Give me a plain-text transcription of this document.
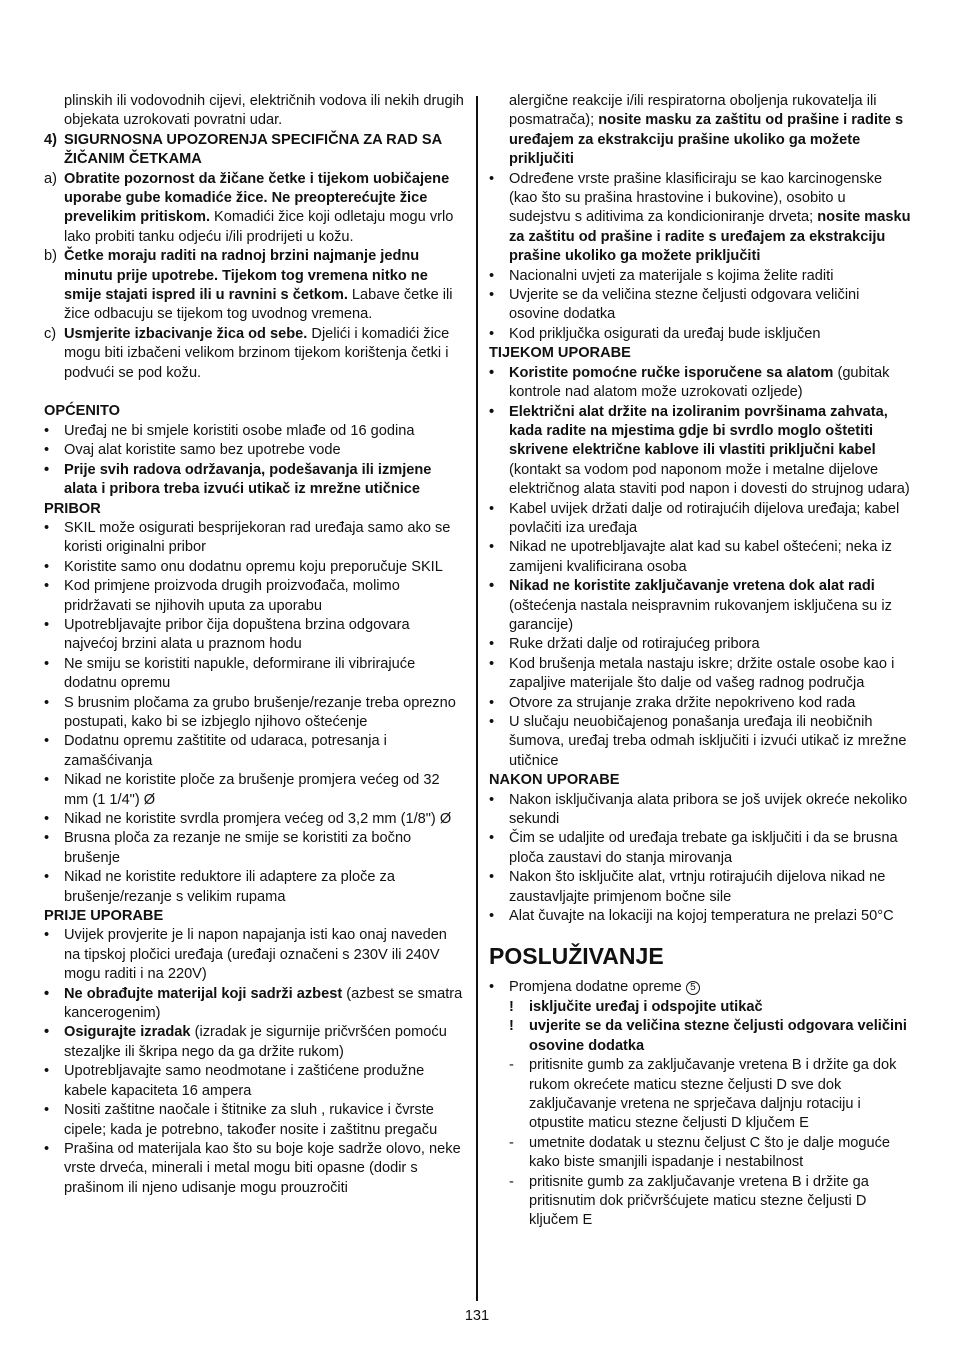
plinskih ili vodovodnih cijevi, električnih vodova ili nekih drugih objekata uzrokovati povratni udar.

4) SIGURNOSNA UPOZORENJA SPECIFIČNA ZA RAD SA ŽIČANIM ČETKAMA
a) Obratite pozornost da žičane četke i tijekom uobičajene uporabe gube komadiće žice. Ne preopterećujte žice prevelikim pritiskom. Komadići žice koji odletaju mogu vrlo lako probiti tanku odjeću i/ili prodrijeti u kožu.
b) Četke moraju raditi na radnoj brzini najmanje jednu minutu prije upotrebe. Tijekom tog vremena nitko ne smije stajati ispred ili u ravnini s četkom. Labave četke ili žice odbacuju se tijekom tog uvodnog vremena.
c) Usmjerite izbacivanje žica od sebe. Djelići i komadići žice mogu biti izbačeni velikom brzinom tijekom korištenja četki i podvući se pod kožu.
OPĆENITO
•	Uređaj ne bi smjele koristiti osobe mlađe od 16 godina
•	Ovaj alat koristite samo bez upotrebe vode
•	Prije svih radova održavanja, podešavanja ili izmjene alata i pribora treba izvući utikač iz mrežne utičnice
PRIBOR
•	SKIL može osigurati besprijekoran rad uređaja samo ako se koristi originalni pribor
•	Koristite samo onu dodatnu opremu koju preporučuje SKIL
•	Kod primjene proizvoda drugih proizvođača, molimo pridržavati se njihovih uputa za uporabu
•	Upotrebljavajte pribor čija dopuštena brzina odgovara najvećoj brzini alata u praznom hodu
•	Ne smiju se koristiti napukle, deformirane ili vibrirajuće dodatnu opremu
•	S brusnim pločama za grubo brušenje/rezanje treba oprezno postupati, kako bi se izbjeglo njihovo oštećenje
•	Dodatnu opremu zaštitite od udaraca, potresanja i zamašćivanja
•	Nikad ne koristite ploče za brušenje promjera većeg od 32 mm (1 1/4") Ø
•	Nikad ne koristite svrdla promjera većeg od 3,2 mm (1/8") Ø
•	Brusna ploča za rezanje ne smije se koristiti za bočno brušenje
•	Nikad ne koristite reduktore ili adaptere za ploče za brušenje/rezanje s velikim rupama
PRIJE UPORABE
•	Uvijek provjerite je li napon napajanja isti kao onaj naveden na tipskoj pločici uređaja (uređaji označeni s 230V ili 240V mogu raditi i na 220V)
•	Ne obrađujte materijal koji sadrži azbest (azbest se smatra kancerogenim)
•	Osigurajte izradak (izradak je sigurnije pričvršćen pomoću stezaljke ili škripa nego da ga držite rukom)
•	Upotrebljavajte samo neodmotane i zaštićene produžne kabele kapaciteta 16 ampera
•	Nositi zaštitne naočale i štitnike za sluh , rukavice i čvrste cipele; kada je potrebno, također nosite i zaštitnu pregaču
•	Prašina od materijala kao što su boje koje sadrže olovo, neke vrste drveća, minerali i metal mogu biti opasne (dodir s prašinom ili njeno udisanje mogu prouzročiti

alergične reakcije i/ili respiratorna oboljenja rukovatelja ili posmatrača); nosite masku za zaštitu od prašine i radite s uređajem za ekstrakciju prašine ukoliko ga možete priključiti

•	Određene vrste prašine klasificiraju se kao karcinogenske (kao što su prašina hrastovine i bukovine), osobito u sudejstvu s aditivima za kondicioniranje drveta; nosite masku za zaštitu od prašine i radite s uređajem za ekstrakciju prašine ukoliko ga možete priključiti
•	Nacionalni uvjeti za materijale s kojima želite raditi
•	Uvjerite se da veličina stezne čeljusti odgovara veličini osovine dodatka
•	Kod priključka osigurati da uređaj bude isključen
TIJEKOM UPORABE
•	Koristite pomoćne ručke isporučene sa alatom (gubitak kontrole nad alatom može uzrokovati ozljede)
•	Električni alat držite na izoliranim površinama zahvata, kada radite na mjestima gdje bi svrdlo moglo oštetiti skrivene električne kablove ili vlastiti priključni kabel (kontakt sa vodom pod naponom može i metalne dijelove električnog alata staviti pod napon i dovesti do strujnog udara)
•	Kabel uvijek držati dalje od rotirajućih dijelova uređaja; kabel povlačiti iza uređaja
•	Nikad ne upotrebljavajte alat kad su kabel oštećeni; neka iz zamijeni kvalificirana osoba
•	Nikad ne koristite zaključavanje vretena dok alat radi (oštećenja nastala neispravnim rukovanjem isključena su iz garancije)
•	Ruke držati dalje od rotirajućeg pribora
•	Kod brušenja metala nastaju iskre; držite ostale osobe kao i zapaljive materijale što dalje od vašeg radnog područja
•	Otvore za strujanje zraka držite nepokriveno kod rada
•	U slučaju neuobičajenog ponašanja uređaja ili neobičnih šumova, uređaj treba odmah isključiti i izvući utikač iz mrežne utičnice
NAKON UPORABE
•	Nakon isključivanja alata pribora se još uvijek okreće nekoliko sekundi
•	Čim se udaljite od uređaja trebate ga isključiti i da se brusna ploča zaustavi do stanja mirovanja
•	Nakon što isključite alat, vrtnju rotirajućih dijelova nikad ne zaustavljajte primjenom bočne sile
•	Alat čuvajte na lokaciji na kojoj temperatura ne prelazi 50°C
POSLUŽIVANJE
•	Promjena dodatne opreme 5
!	isključite uređaj i odspojite utikač
!	uvjerite se da veličina stezne čeljusti odgovara veličini osovine dodatka
-	pritisnite gumb za zaključavanje vretena B i držite ga dok rukom okrećete maticu stezne čeljusti D sve dok zaključavanje vretena ne sprječava daljnju rotaciju i otpustite maticu stezne čeljusti D ključem E
-	umetnite dodatak u steznu čeljust C što je dalje moguće kako biste smanjili ispadanje i nestabilnost
-	pritisnite gumb za zaključavanje vretena B i držite ga pritisnutim dok pričvršćujete maticu stezne čeljusti D ključem E
131
